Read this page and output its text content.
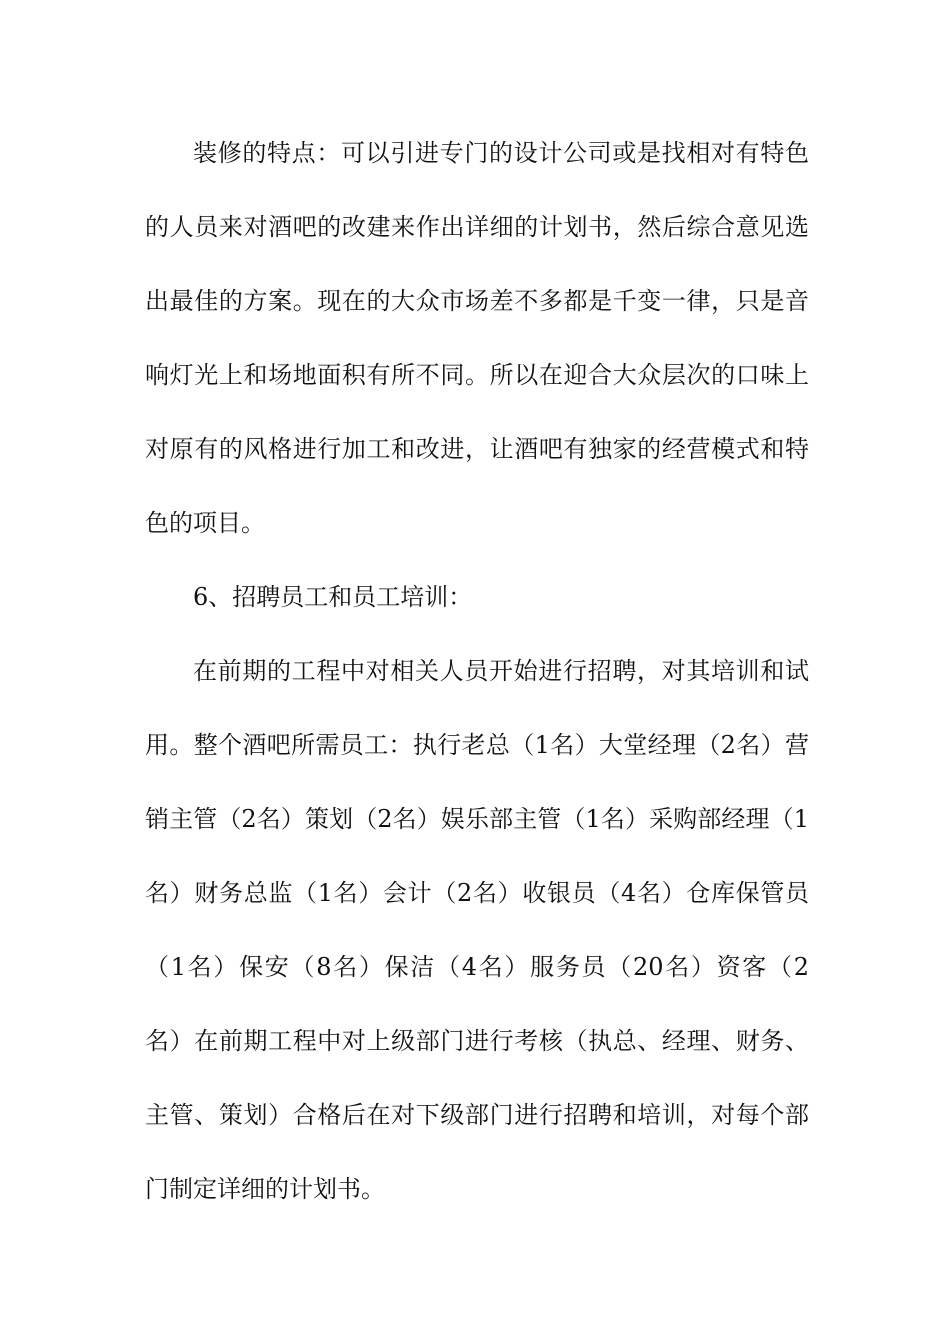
装修的特点：可以引进专门的设计公司或是找相对有特色
的人员来对酒吧的改建来作出详细的计划书，然后综合意见选
出最佳的方案。现在的大众市场差不多都是千变一律，只是音
响灯光上和场地面积有所不同。所以在迎合大众层次的口味上
对原有的风格进行加工和改进，让酒吧有独家的经营模式和特
色的项目。
6、招聘员工和员工培训：
在前期的工程中对相关人员开始进行招聘，对其培训和试
用。整个酒吧所需员工：执行老总（1名）大堂经理（2名）营
销主管（2名）策划（2名）娱乐部主管（1名）采购部经理（1
名）财务总监（1名）会计（2名）收银员（4名）仓库保管员
（1名）保安（8名）保洁（4名）服务员（20名）资客（2
名）在前期工程中对上级部门进行考核（执总、经理、财务、
主管、策划）合格后在对下级部门进行招聘和培训，对每个部
门制定详细的计划书。
